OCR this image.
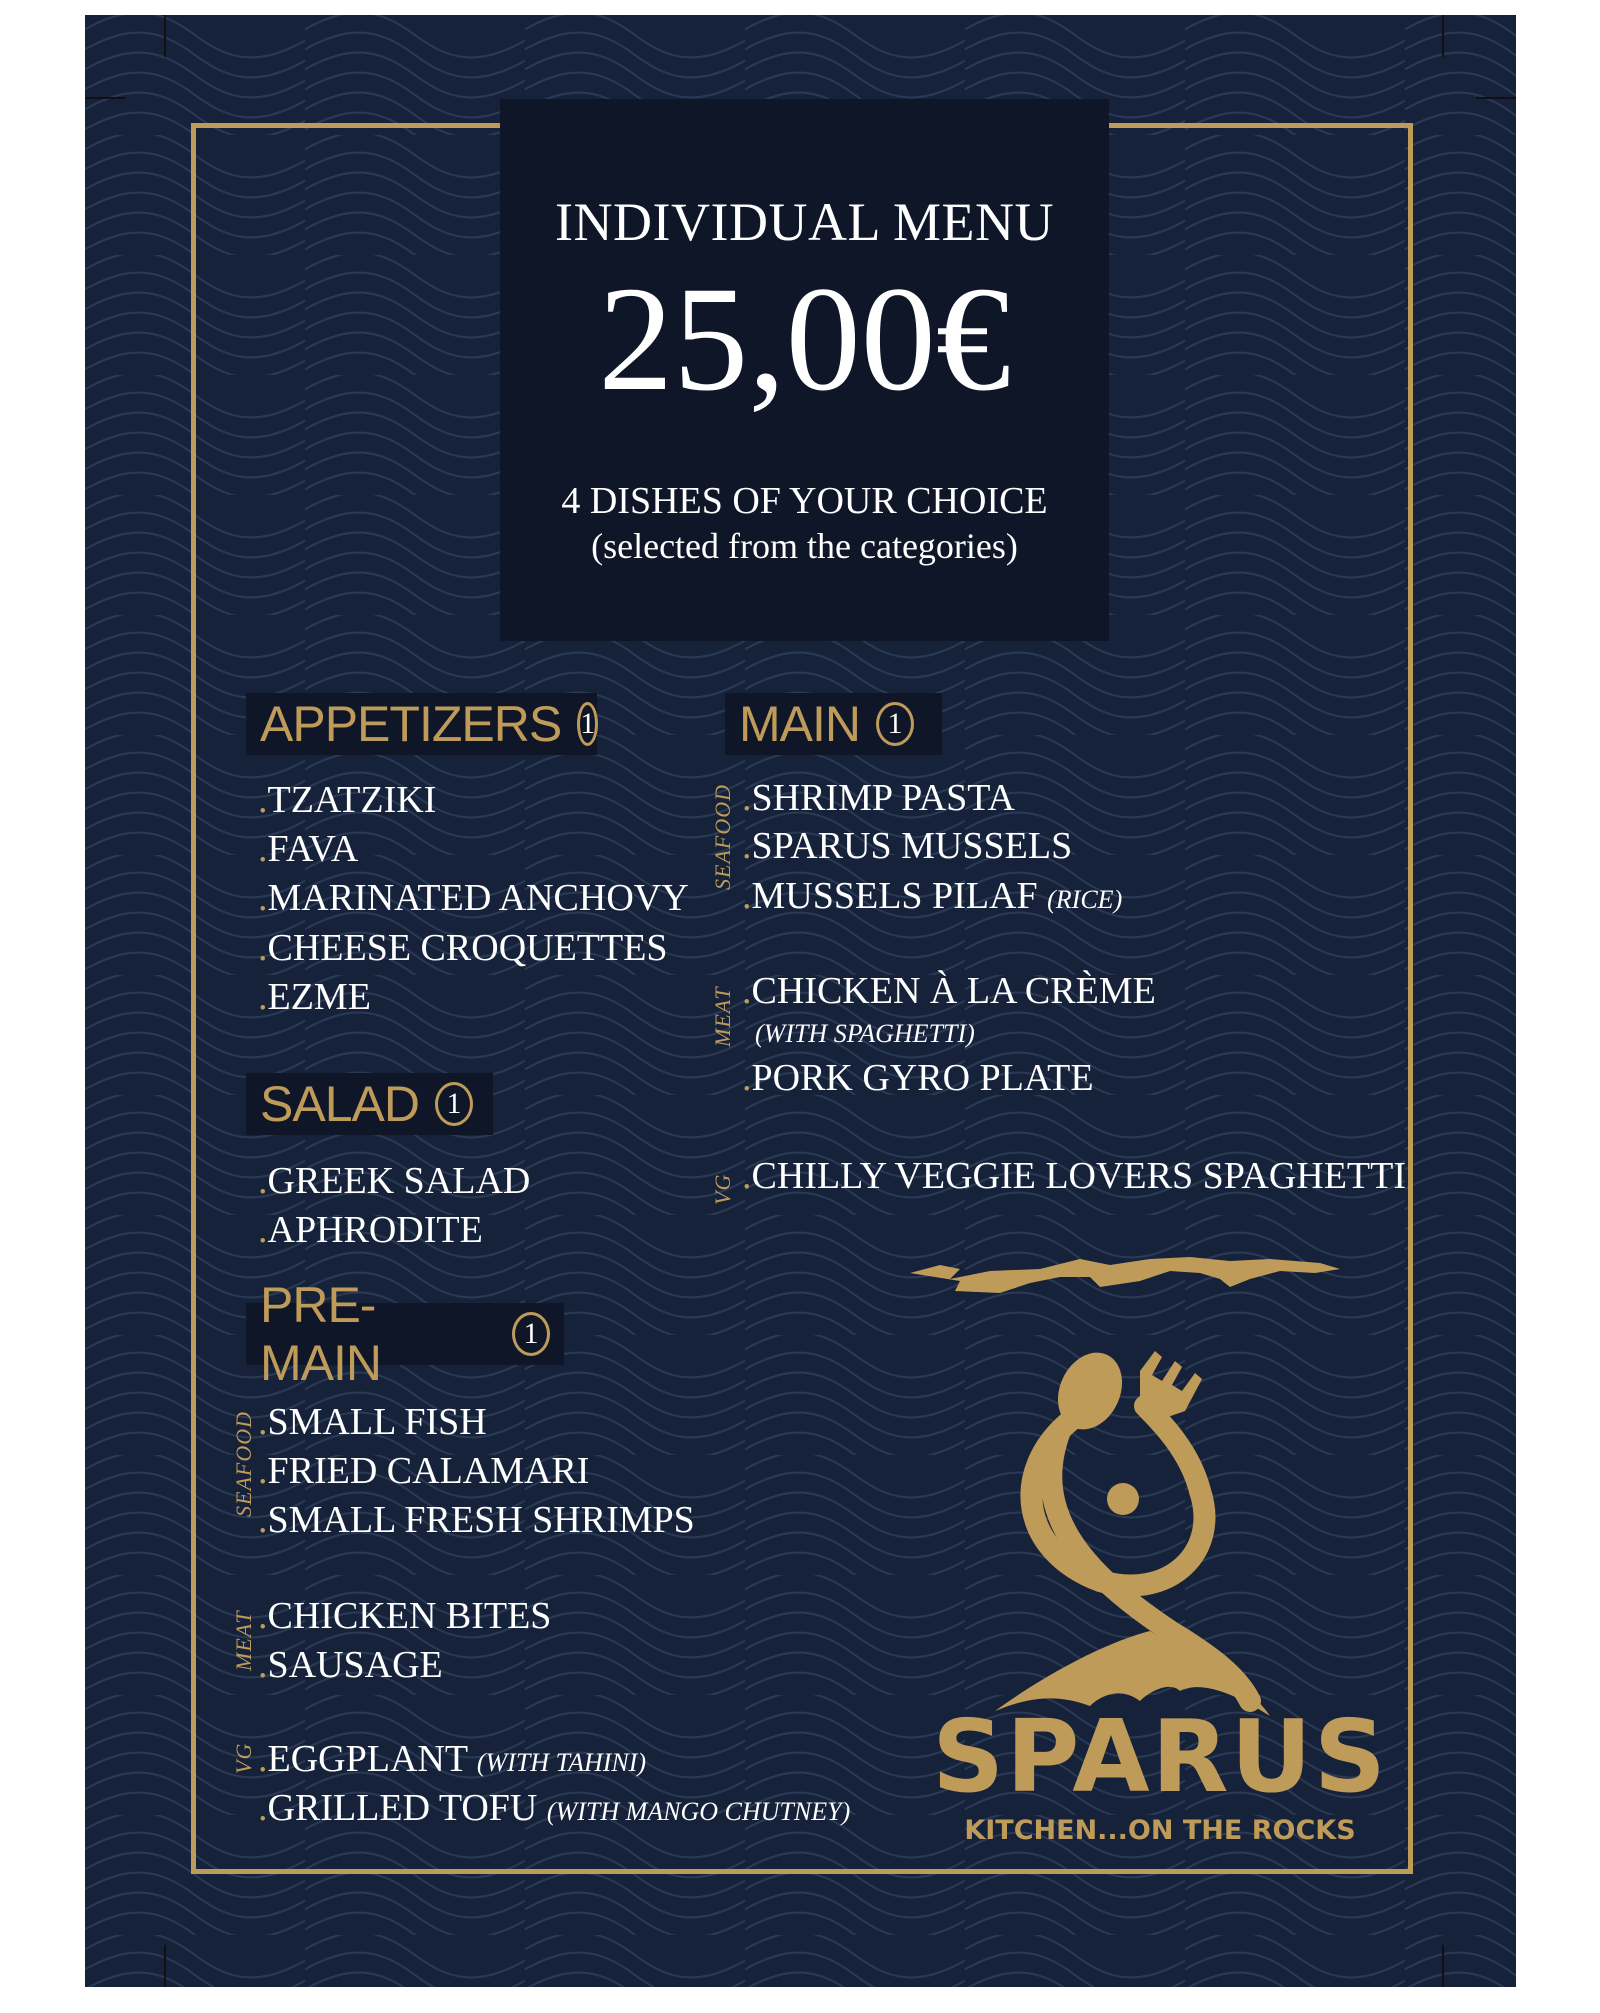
INDIVIDUAL MENU
25,00€
4 DISHES OF YOUR CHOICE
(selected from the categories)
APPETIZERS 1
.TZATZIKI
.FAVA
.MARINATED ANCHOVY
.CHEESE CROQUETTES
.EZME
SALAD 1
.GREEK SALAD
.APHRODITE
PRE-MAIN
1
SEAFOOD .SMALL FISH
.FRIED CALAMARI
.SMALL FRESH SHRIMPS
MEAT .CHICKEN BITES
.SAUSAGE
VG .EGGPLANT (WITH TAHINI)
.GRILLED TOFU (WITH MANGO CHUTNEY)
MAIN 1
SEAFOOD .SHRIMP PASTA
.SPARUS MUSSELS
.MUSSELS PILAF (RICE)
MEAT .CHICKEN À LA CRÈME
(WITH SPAGHETTI)
.PORK GYRO PLATE
VG .CHILLY VEGGIE LOVERS SPAGHETTI
SPARUS
KITCHEN...ON THE ROCKS
